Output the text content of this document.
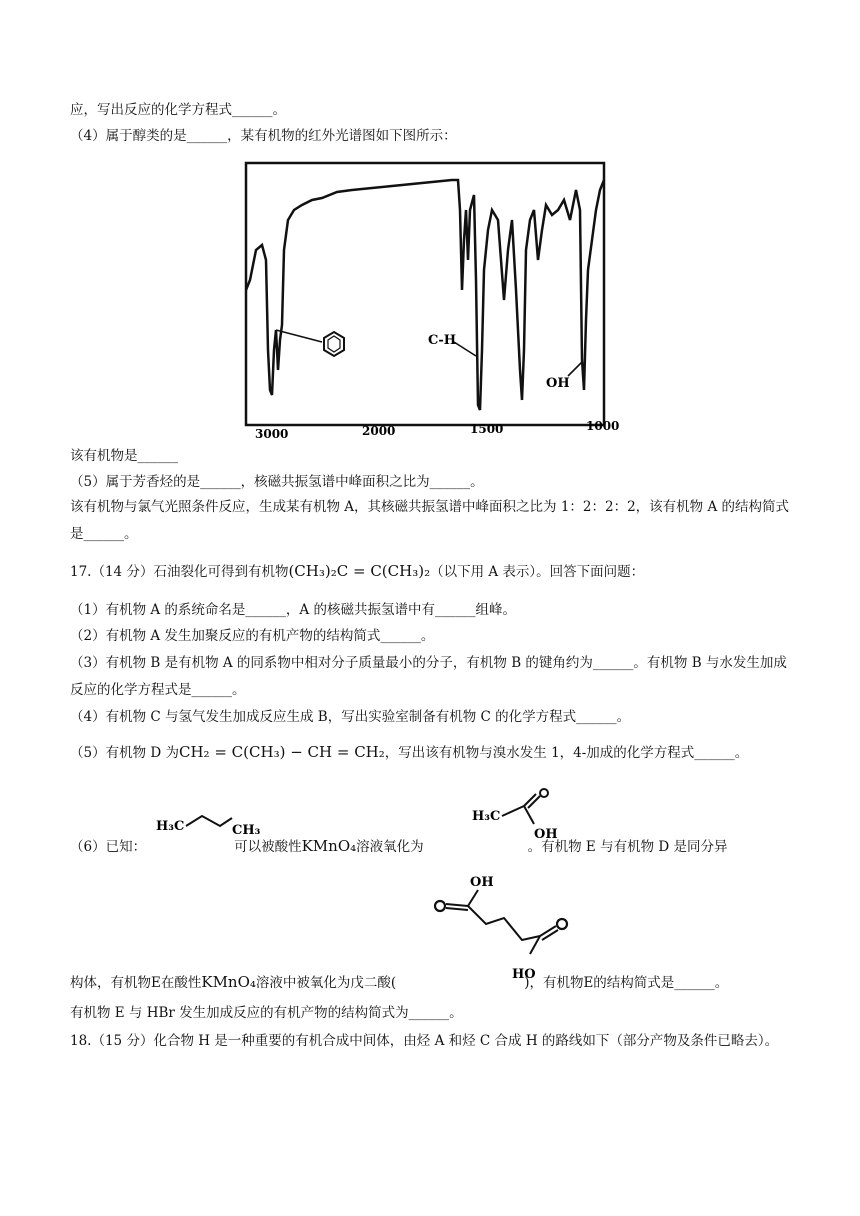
应，写出反应的化学方程式______。
（4）属于醇类的是______，某有机物的红外光谱图如下图所示：
C-H
OH
3000	2000	1500	1000
该有机物是______
（5）属于芳香烃的是______，核磁共振氢谱中峰面积之比为______。
该有机物与氯气光照条件反应，生成某有机物 A，其核磁共振氢谱中峰面积之比为 1：2：2：2，该有机物 A 的结构简式是______。
17.（14 分）石油裂化可得到有机物(CH₃)₂C = C(CH₃)₂（以下用 A 表示）。回答下面问题：
（1）有机物 A 的系统命名是______，A 的核磁共振氢谱中有______组峰。
（2）有机物 A 发生加聚反应的有机产物的结构简式______。
（3）有机物 B 是有机物 A 的同系物中相对分子质量最小的分子，有机物 B 的键角约为______。有机物 B 与水发生加成反应的化学方程式是______。
（4）有机物 C 与氢气发生加成反应生成 B，写出实验室制备有机物 C 的化学方程式______。
（5）有机物 D 为CH₂ = C(CH₃) − CH = CH₂，写出该有机物与溴水发生 1，4-加成的化学方程式______。
H₃C	CH₃
H₃C
OH
（6）已知：	可以被酸性KMnO₄溶液氧化为	。有机物 E 与有机物 D 是同分异
OH
HO
构体，有机物E在酸性KMnO₄溶液中被氧化为戊二酸(	)，有机物E的结构简式是______。
有机物 E 与 HBr 发生加成反应的有机产物的结构简式为______。
18.（15 分）化合物 H 是一种重要的有机合成中间体，由烃 A 和烃 C 合成 H 的路线如下（部分产物及条件已略去）。
